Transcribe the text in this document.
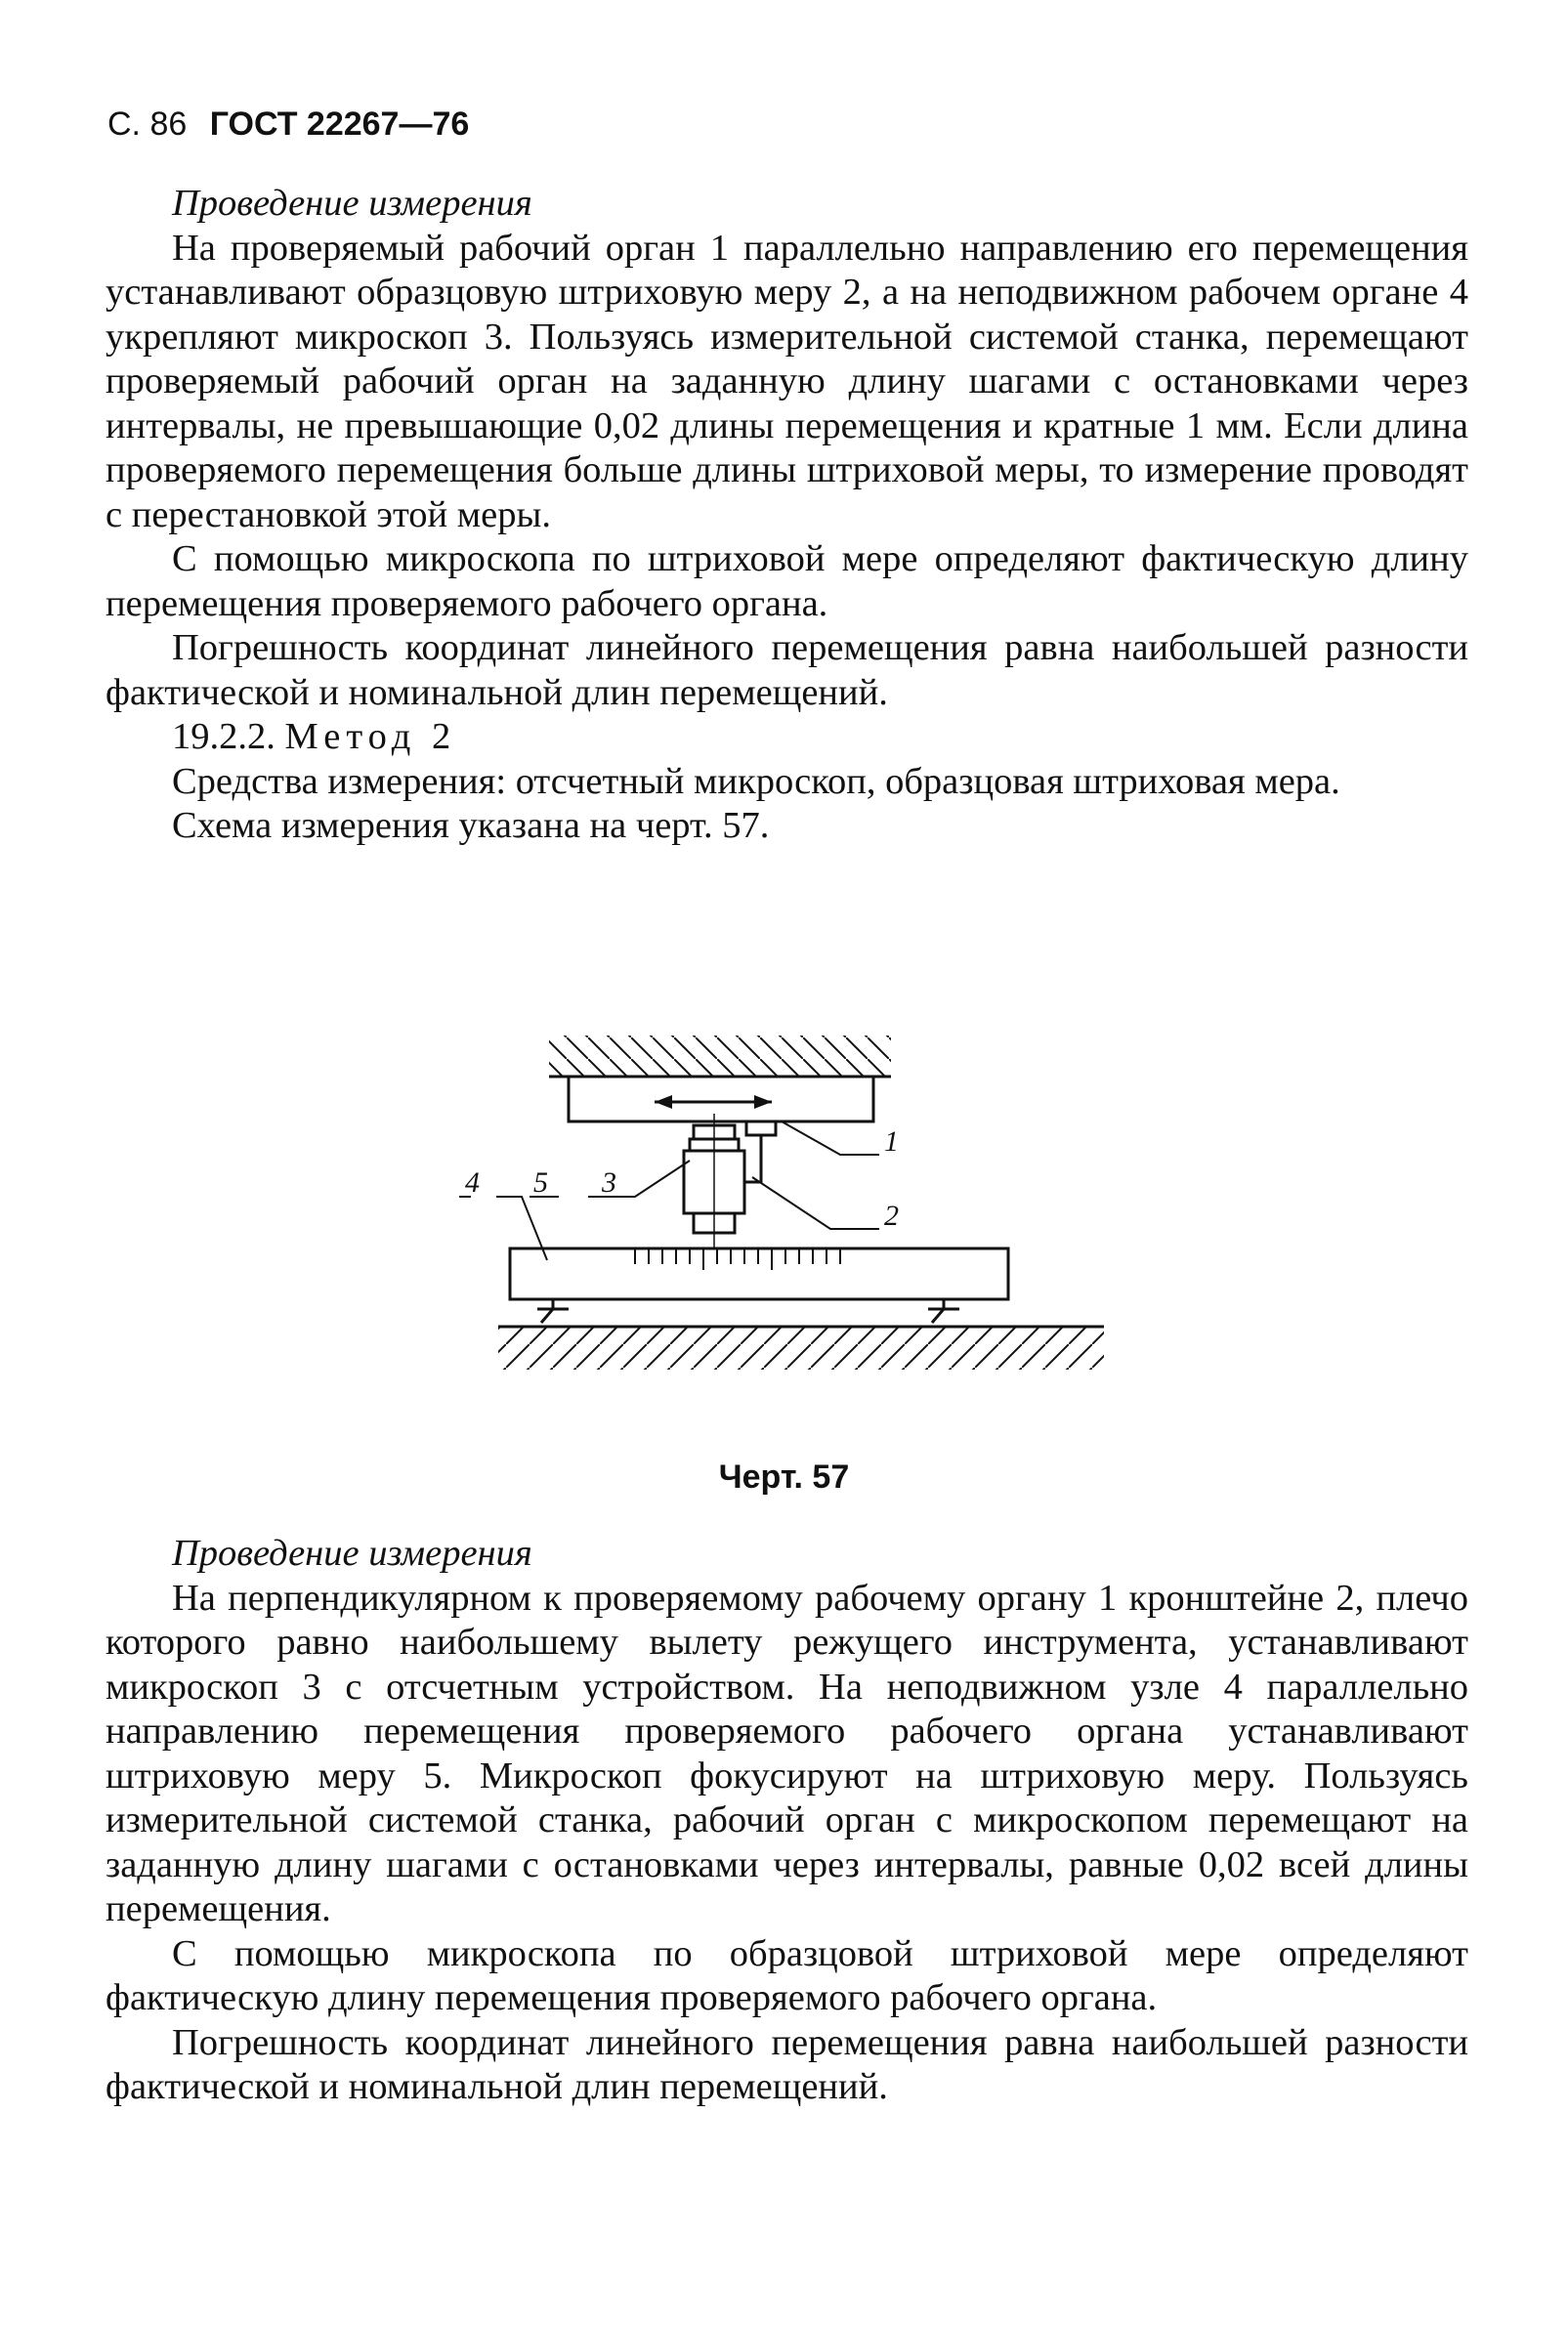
С. 86 ГОСТ 22267—76

Проведение измерения

На проверяемый рабочий орган 1 параллельно направлению его перемещения устанавливают образцовую штриховую меру 2, а на неподвижном рабочем органе 4 укрепляют микроскоп 3. Пользуясь измерительной системой станка, перемещают проверяемый рабочий орган на заданную длину шагами с остановками через интервалы, не превышающие 0,02 длины перемещения и кратные 1 мм. Если длина проверяемого перемещения больше длины штриховой меры, то измерение проводят с перестановкой этой меры.

С помощью микроскопа по штриховой мере определяют фактическую длину перемещения проверяемого рабочего органа.

Погрешность координат линейного перемещения равна наибольшей разности фактической и номинальной длин перемещений.

19.2.2. Метод 2

Средства измерения: отсчетный микроскоп, образцовая штриховая мера.

Схема измерения указана на черт. 57.

1
2
3
4 5
Черт. 57

Проведение измерения

На перпендикулярном к проверяемому рабочему органу 1 кронштейне 2, плечо которого равно наибольшему вылету режущего инструмента, устанавливают микроскоп 3 с отсчетным устройством. На неподвижном узле 4 параллельно направлению перемещения проверяемого рабочего органа устанавливают штриховую меру 5. Микроскоп фокусируют на штриховую меру. Пользуясь измерительной системой станка, рабочий орган с микроскопом перемещают на заданную длину шагами с остановками через интервалы, равные 0,02 всей длины перемещения.

С помощью микроскопа по образцовой штриховой мере определяют фактическую длину перемещения проверяемого рабочего органа.

Погрешность координат линейного перемещения равна наибольшей разности фактической и номинальной длин перемещений.
